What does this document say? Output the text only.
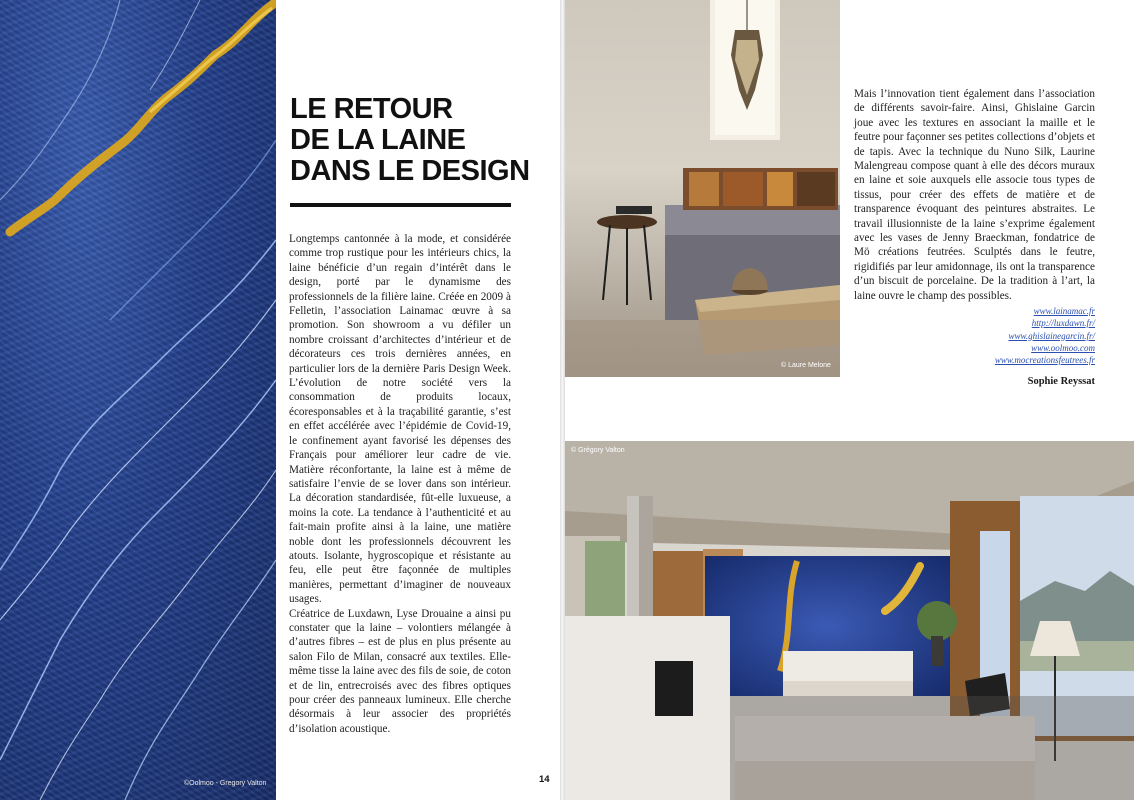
©Oolmoo - Gregory Valton
LE RETOUR
DE LA LAINE
DANS LE DESIGN

Longtemps cantonnée à la mode, et considérée comme trop rustique pour les intérieurs chics, la laine bénéficie d’un regain d’intérêt dans le design, porté par le dynamisme des professionnels de la filière laine. Créée en 2009 à Felletin, l’association Lainamac œuvre à sa promotion. Son showroom a vu défiler un nombre croissant d’architectes d’intérieur et de décorateurs ces trois dernières années, en particulier lors de la dernière Paris Design Week. L’évolution de notre société vers la consommation de produits locaux, écoresponsables et à la traçabilité garantie, s’est en effet accélérée avec l’épidémie de Covid-19, le confinement ayant favorisé les dépenses des Français pour améliorer leur cadre de vie. Matière réconfortante, la laine est à même de satisfaire l’envie de se lover dans son intérieur. La décoration standardisée, fût-elle luxueuse, a moins la cote. La tendance à l’authenticité et au fait-main profite ainsi à la laine, une matière noble dont les professionnels découvrent les atouts. Isolante, hygroscopique et résistante au feu, elle peut être façonnée de multiples manières, permettant d’imaginer de nouveaux usages.

Créatrice de Luxdawn, Lyse Drouaine a ainsi pu constater que la laine – volontiers mélangée à d’autres fibres – est de plus en plus présente au salon Filo de Milan, consacré aux textiles. Elle-même tisse la laine avec des fils de soie, de coton et de lin, entrecroisés avec des fibres optiques pour créer des panneaux lumineux. Elle cherche désormais à leur associer des propriétés d’isolation acoustique.

14
© Laure Melone
Mais l’innovation tient également dans l’association de différents savoir-faire. Ainsi, Ghislaine Garcin joue avec les textures en associant la maille et le feutre pour façonner ses petites collections d’objets et de tapis. Avec la technique du Nuno Silk, Laurine Malengreau compose quant à elle des décors muraux en laine et soie auxquels elle associe tous types de tissus, pour créer des effets de matière et de transparence évoquant des peintures abstraites. Le travail illusionniste de la laine s’exprime également avec les vases de Jenny Braeckman, fondatrice de Mö créations feutrées. Sculptés dans le feutre, rigidifiés par leur amidonnage, ils ont la transparence d’un biscuit de porcelaine. De la tradition à l’art, la laine ouvre le champ des possibles.
www.lainamac.fr
http://luxdawn.fr/
www.ghislainegarcin.fr/
www.oolmoo.com
www.mocreationsfeutrees.fr
Sophie Reyssat
© Grégory Valton
